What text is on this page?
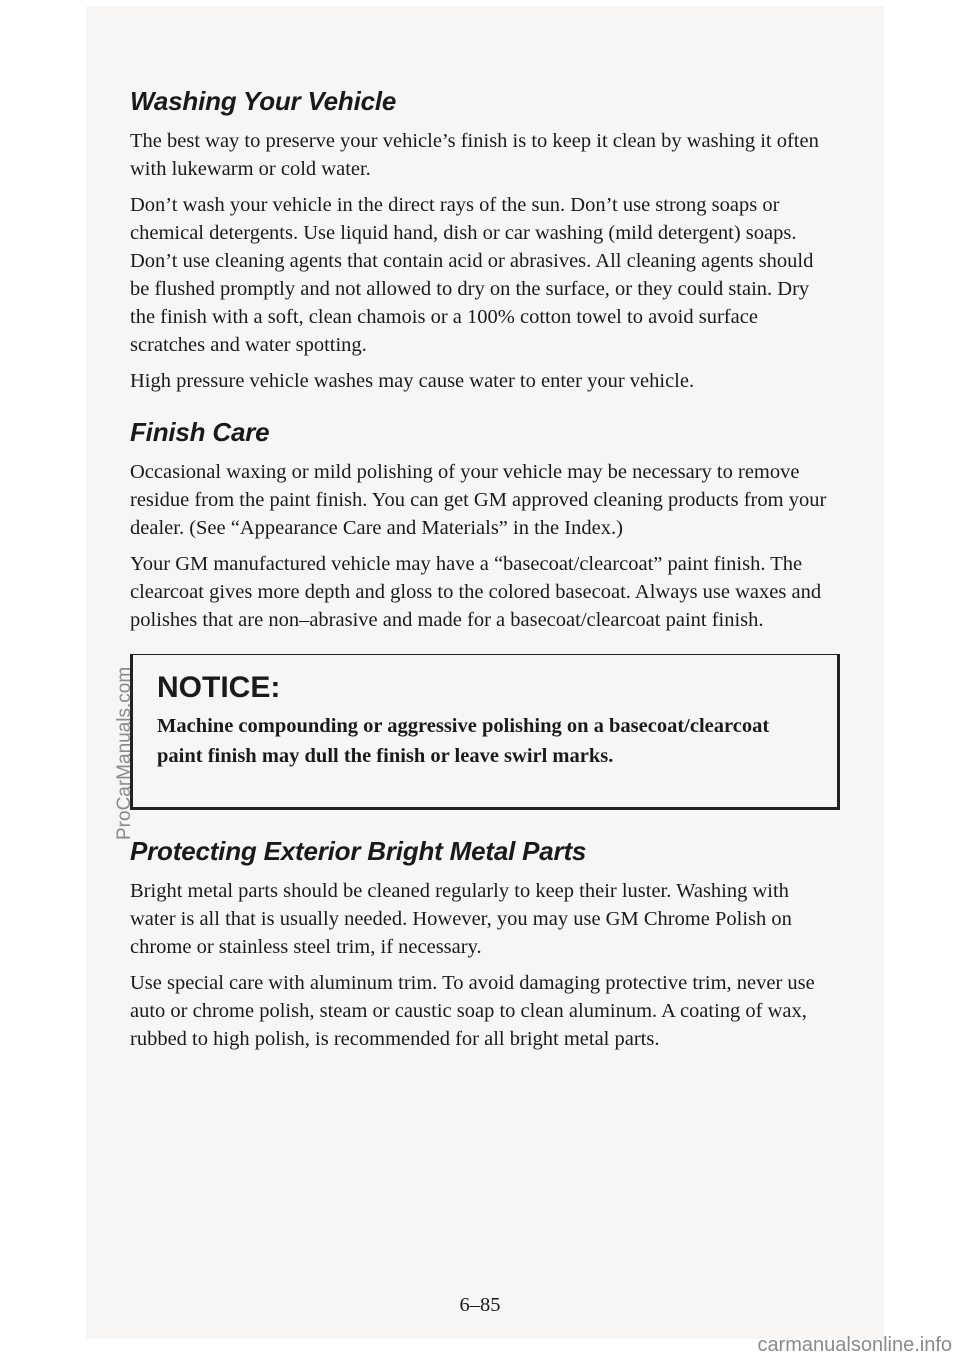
Washing Your Vehicle

The best way to preserve your vehicle’s finish is to keep it clean by washing it often with lukewarm or cold water.

Don’t wash your vehicle in the direct rays of the sun. Don’t use strong soaps or chemical detergents. Use liquid hand, dish or car washing (mild detergent) soaps. Don’t use cleaning agents that contain acid or abrasives. All cleaning agents should be flushed promptly and not allowed to dry on the surface, or they could stain. Dry the finish with a soft, clean chamois or a 100% cotton towel to avoid surface scratches and water spotting.

High pressure vehicle washes may cause water to enter your vehicle.

Finish Care

Occasional waxing or mild polishing of your vehicle may be necessary to remove residue from the paint finish. You can get GM approved cleaning products from your dealer. (See “Appearance Care and Materials” in the Index.)

Your GM manufactured vehicle may have a “basecoat/clearcoat” paint finish. The clearcoat gives more depth and gloss to the colored basecoat. Always use waxes and polishes that are non–abrasive and made for a basecoat/clearcoat paint finish.

NOTICE:
Machine compounding or aggressive polishing on a basecoat/clearcoat paint finish may dull the finish or leave swirl marks.
Protecting Exterior Bright Metal Parts

Bright metal parts should be cleaned regularly to keep their luster. Washing with water is all that is usually needed. However, you may use GM Chrome Polish on chrome or stainless steel trim, if necessary.

Use special care with aluminum trim. To avoid damaging protective trim, never use auto or chrome polish, steam or caustic soap to clean aluminum. A coating of wax, rubbed to high polish, is recommended for all bright metal parts.

6–85
ProCarManuals.com
carmanualsonline.info
